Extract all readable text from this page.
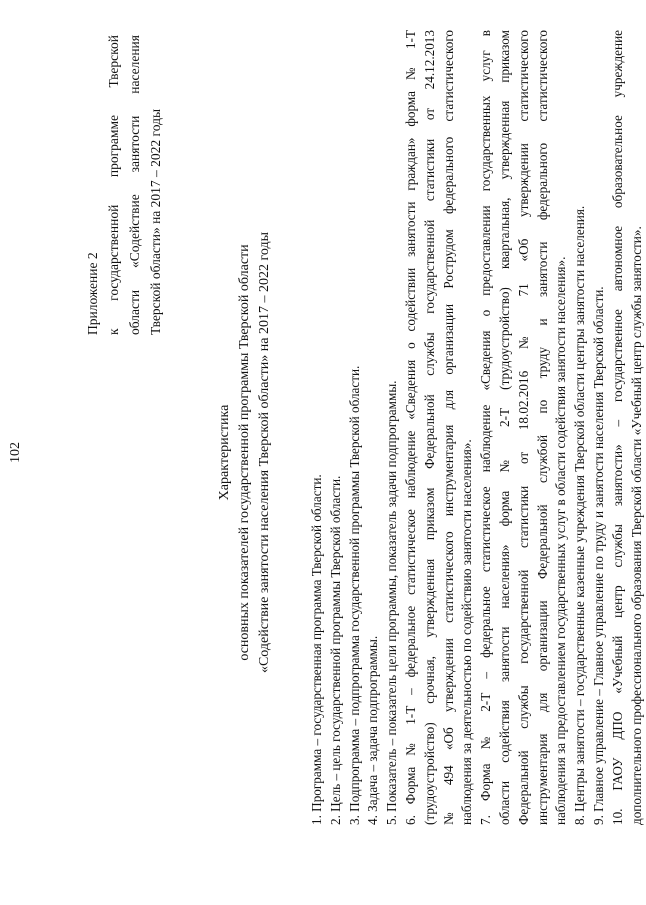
102
Приложение 2 к государственной программе Тверской области «Содействие занятости населения Тверской области» на 2017 – 2022 годы
Характеристика основных показателей государственной программы Тверской области «Содействие занятости населения Тверской области» на 2017 – 2022 годы	1. Программа – государственная программа Тверской области. 2. Цель – цель государственной программы Тверской области. 3. Подпрограмма – подпрограмма государственной программы Тверской области. 4. Задача – задача подпрограммы. 5. Показатель – показатель цели программы, показатель задачи подпрограммы. 6. Форма № 1-Т – федеральное статистическое наблюдение «Сведения о содействии занятости граждан» форма № 1-Т (трудоустройство) срочная, утвержденная приказом Федеральной службы государственной статистики от 24.12.2013 № 494 «Об утверждении статистического инструментария для организации Рострудом федерального статистического наблюдения за деятельностью по содействию занятости населения». 7. Форма № 2-Т – федеральное статистическое наблюдение «Сведения о предоставлении государственных услуг в области содействия занятости населения» форма № 2-Т (трудоустройство) квартальная, утвержденная приказом Федеральной службы государственной статистики от 18.02.2016 № 71 «Об утверждении статистического инструментария для организации Федеральной службой по труду и занятости федерального статистического наблюдения за предоставлением государственных услуг в области содействия занятости населения». 8. Центры занятости – государственные казенные учреждения Тверской области центры занятости населения. 9. Главное управление – Главное управление по труду и занятости населения Тверской области. 10. ГАОУ ДПО «Учебный центр службы занятости» – государственное автономное образовательное учреждение дополнительного профессионального образования Тверской области «Учебный центр службы занятости».
